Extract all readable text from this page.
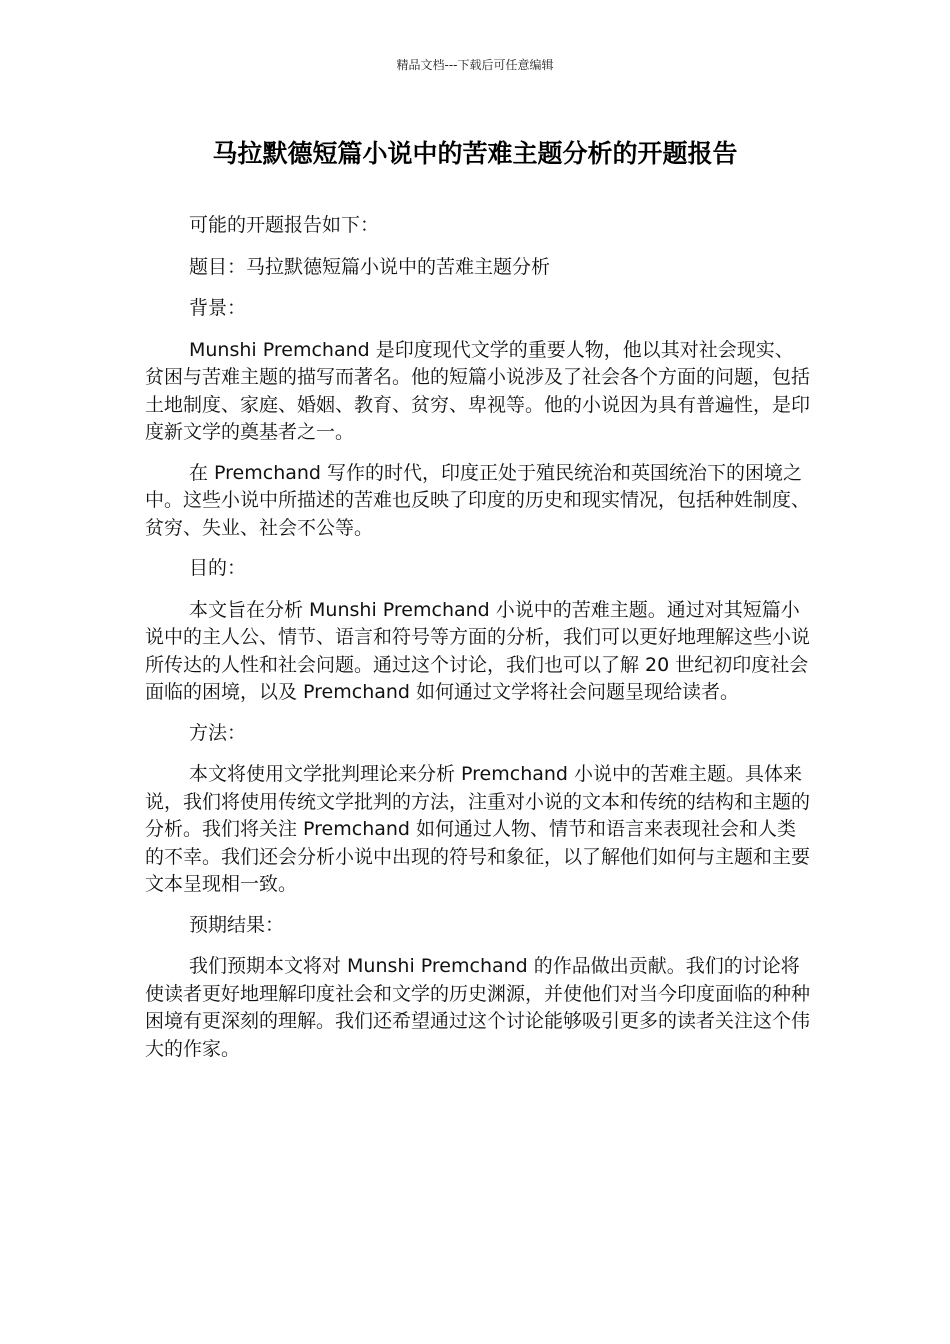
精品文档---下载后可任意编辑
马拉默德短篇小说中的苦难主题分析的开题报告

可能的开题报告如下：

题目：马拉默德短篇小说中的苦难主题分析

背景：

Munshi Premchand 是印度现代文学的重要人物，他以其对社会现实、贫困与苦难主题的描写而著名。他的短篇小说涉及了社会各个方面的问题，包括土地制度、家庭、婚姻、教育、贫穷、卑视等。他的小说因为具有普遍性，是印度新文学的奠基者之一。

在 Premchand 写作的时代，印度正处于殖民统治和英国统治下的困境之中。这些小说中所描述的苦难也反映了印度的历史和现实情况，包括种姓制度、贫穷、失业、社会不公等。

目的：

本文旨在分析 Munshi Premchand 小说中的苦难主题。通过对其短篇小说中的主人公、情节、语言和符号等方面的分析，我们可以更好地理解这些小说所传达的人性和社会问题。通过这个讨论，我们也可以了解 20 世纪初印度社会面临的困境，以及 Premchand 如何通过文学将社会问题呈现给读者。

方法：

本文将使用文学批判理论来分析 Premchand 小说中的苦难主题。具体来说，我们将使用传统文学批判的方法，注重对小说的文本和传统的结构和主题的分析。我们将关注 Premchand 如何通过人物、情节和语言来表现社会和人类的不幸。我们还会分析小说中出现的符号和象征，以了解他们如何与主题和主要文本呈现相一致。

预期结果：

我们预期本文将对 Munshi Premchand 的作品做出贡献。我们的讨论将使读者更好地理解印度社会和文学的历史渊源，并使他们对当今印度面临的种种困境有更深刻的理解。我们还希望通过这个讨论能够吸引更多的读者关注这个伟大的作家。
